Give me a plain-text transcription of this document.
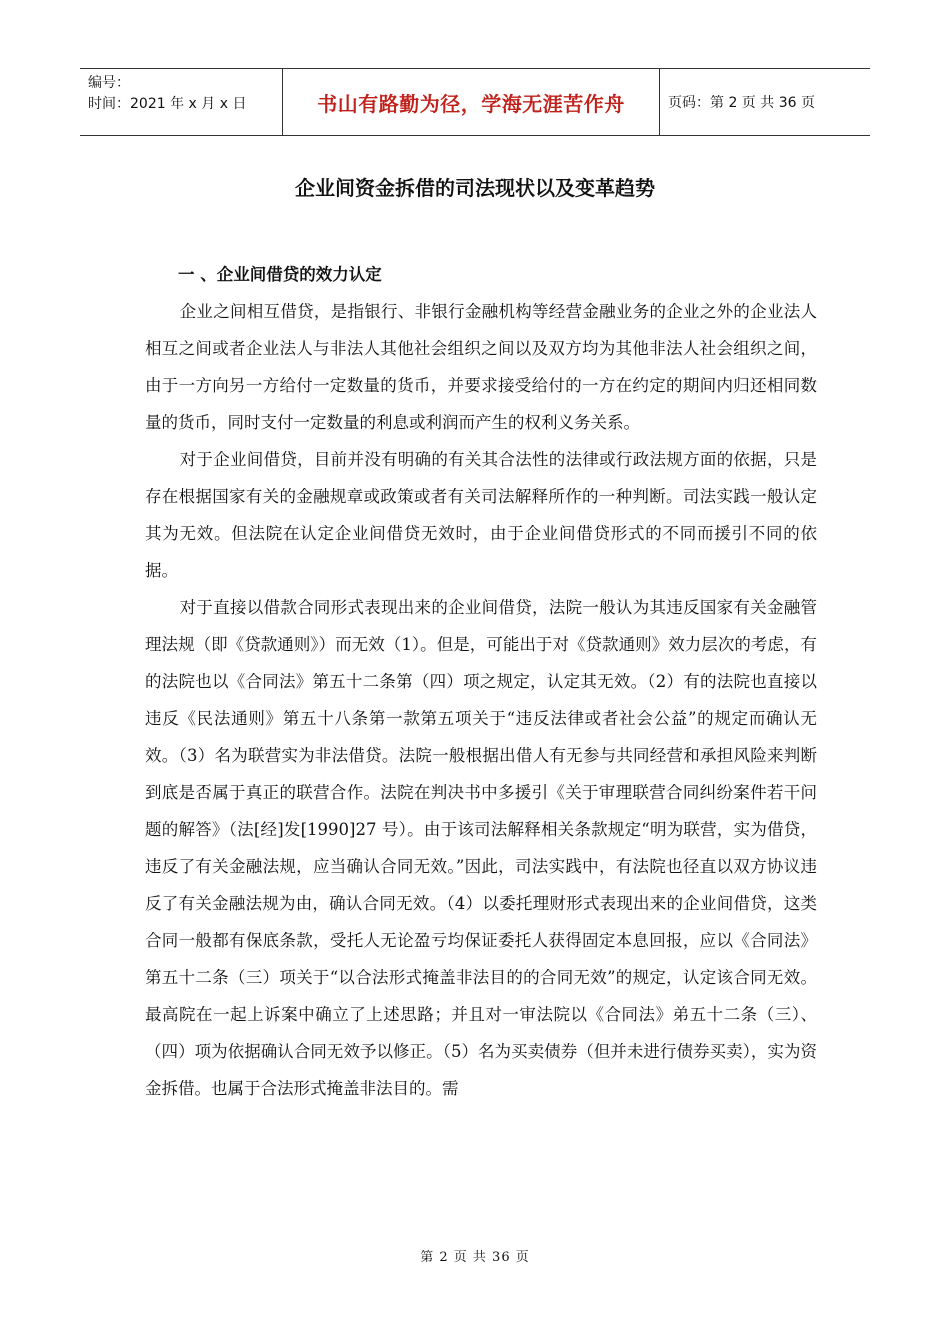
编号：
时间：2021 年 x 月 x 日	书山有路勤为径，学海无涯苦作舟	页码：第 2 页 共 36 页
企业间资金拆借的司法现状以及变革趋势

一 、企业间借贷的效力认定

企业之间相互借贷，是指银行、非银行金融机构等经营金融业务的企业之外的企业法人相互之间或者企业法人与非法人其他社会组织之间以及双方均为其他非法人社会组织之间，由于一方向另一方给付一定数量的货币，并要求接受给付的一方在约定的期间内归还相同数量的货币，同时支付一定数量的利息或利润而产生的权利义务关系。

对于企业间借贷，目前并没有明确的有关其合法性的法律或行政法规方面的依据，只是存在根据国家有关的金融规章或政策或者有关司法解释所作的一种判断。司法实践一般认定其为无效。但法院在认定企业间借贷无效时，由于企业间借贷形式的不同而援引不同的依据。

对于直接以借款合同形式表现出来的企业间借贷，法院一般认为其违反国家有关金融管理法规（即《贷款通则》）而无效（1）。但是，可能出于对《贷款通则》效力层次的考虑，有的法院也以《合同法》第五十二条第（四）项之规定，认定其无效。（2）有的法院也直接以违反《民法通则》第五十八条第一款第五项关于“违反法律或者社会公益”的规定而确认无效。（3）名为联营实为非法借贷。法院一般根据出借人有无参与共同经营和承担风险来判断到底是否属于真正的联营合作。法院在判决书中多援引《关于审理联营合同纠纷案件若干问题的解答》（法[经]发[1990]27 号）。由于该司法解释相关条款规定“明为联营，实为借贷，违反了有关金融法规，应当确认合同无效。”因此，司法实践中，有法院也径直以双方协议违反了有关金融法规为由，确认合同无效。（4）以委托理财形式表现出来的企业间借贷，这类合同一般都有保底条款，受托人无论盈亏均保证委托人获得固定本息回报，应以《合同法》第五十二条（三）项关于“以合法形式掩盖非法目的的合同无效”的规定，认定该合同无效。最高院在一起上诉案中确立了上述思路；并且对一审法院以《合同法》弟五十二条（三）、（四）项为依据确认合同无效予以修正。（5）名为买卖债券（但并未进行债券买卖），实为资金拆借。也属于合法形式掩盖非法目的。需

第 2 页 共 36 页
